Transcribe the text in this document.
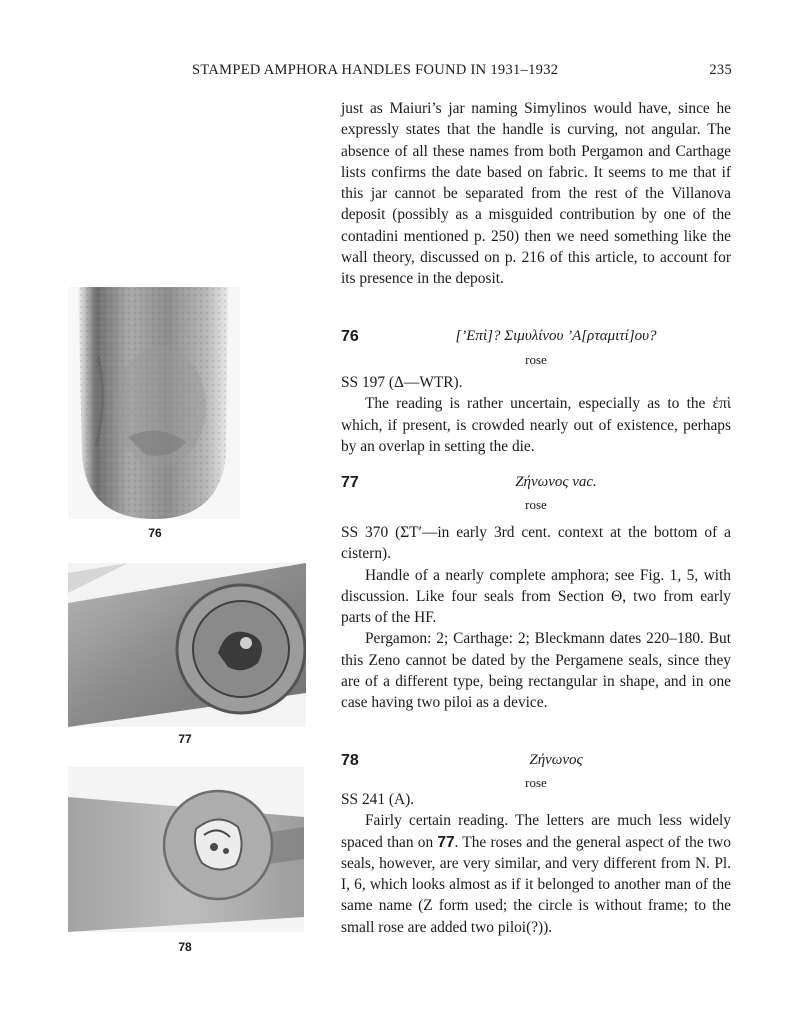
STAMPED AMPHORA HANDLES FOUND IN 1931–1932	235

just as Maiuri’s jar naming Simylinos would have, since he expressly states that the handle is curving, not angular. The absence of all these names from both Pergamon and Carthage lists confirms the date based on fabric. It seems to me that if this jar cannot be separated from the rest of the Villanova deposit (possibly as a misguided contribution by one of the contadini mentioned p. 250) then we need something like the wall theory, discussed on p. 216 of this article, to account for its presence in the deposit.

76	[’Επὶ]? Σιμυλίνου ’Α[ρταμιτί]ου?
rose

SS 197 (Δ—WTR).

The reading is rather uncertain, especially as to the ἐπὶ which, if present, is crowded nearly out of existence, perhaps by an overlap in setting the die.

77	Ζήνωνος vac.
rose

SS 370 (ΣΤ′—in early 3rd cent. context at the bottom of a cistern).

Handle of a nearly complete amphora; see Fig. 1, 5, with discussion. Like four seals from Section Θ, two from early parts of the HF.

Pergamon: 2; Carthage: 2; Bleckmann dates 220–180. But this Zeno cannot be dated by the Pergamene seals, since they are of a different type, being rectangular in shape, and in one case having two piloi as a device.

78	Ζήνωνος
rose

SS 241 (A).

Fairly certain reading. The letters are much less widely spaced than on 77. The roses and the general aspect of the two seals, however, are very similar, and very different from N. Pl. I, 6, which looks almost as if it belonged to another man of the same name (Ζ form used; the circle is without frame; to the small rose are added two piloi(?)).

76
77
78
